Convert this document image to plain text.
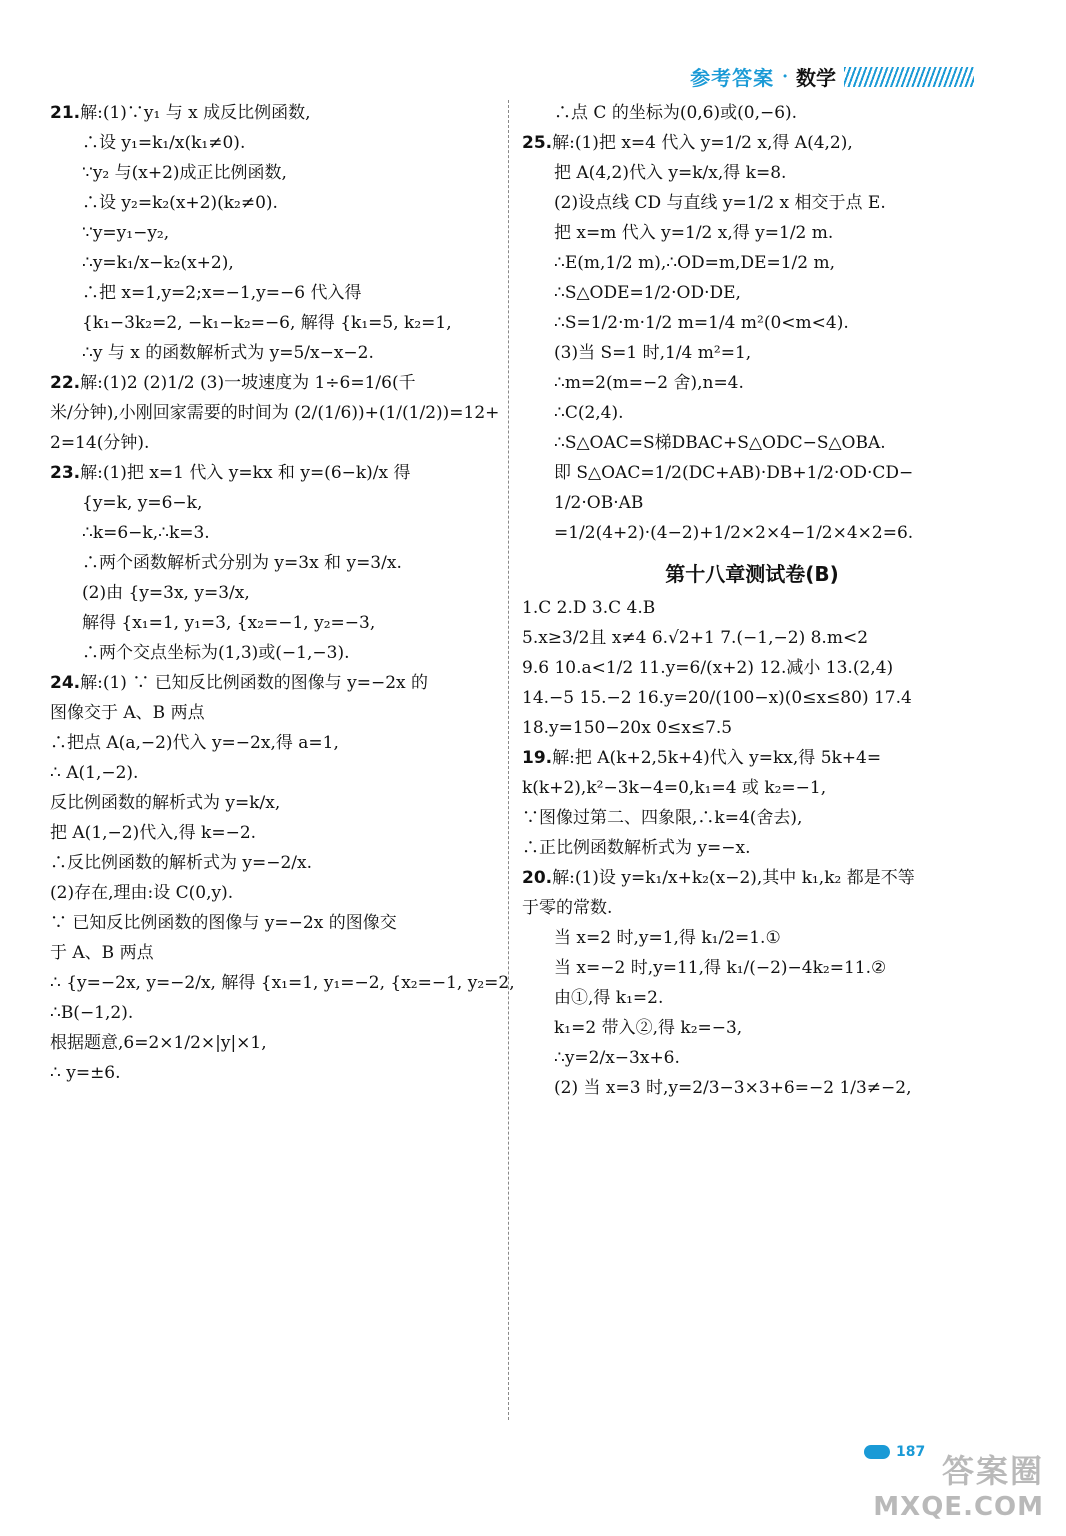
参考答案 · 数学
21.解:(1)∵y₁ 与 x 成反比例函数,
∴设 y₁=k₁/x(k₁≠0).
∵y₂ 与(x+2)成正比例函数,
∴设 y₂=k₂(x+2)(k₂≠0).
∵y=y₁−y₂,
∴y=k₁/x−k₂(x+2),
∴把 x=1,y=2;x=−1,y=−6 代入得
{k₁−3k₂=2, −k₁−k₂=−6, 解得 {k₁=5, k₂=1,
∴y 与 x 的函数解析式为 y=5/x−x−2.
22.解:(1)2 (2)1/2 (3)一坡速度为 1÷6=1/6(千
米/分钟),小刚回家需要的时间为 (2/(1/6))+(1/(1/2))=12+
2=14(分钟).
23.解:(1)把 x=1 代入 y=kx 和 y=(6−k)/x 得
{y=k, y=6−k,
∴k=6−k,∴k=3.
∴两个函数解析式分别为 y=3x 和 y=3/x.
(2)由 {y=3x, y=3/x,
解得 {x₁=1, y₁=3, {x₂=−1, y₂=−3,
∴两个交点坐标为(1,3)或(−1,−3).
24.解:(1) ∵ 已知反比例函数的图像与 y=−2x 的
图像交于 A、B 两点
∴把点 A(a,−2)代入 y=−2x,得 a=1,
∴ A(1,−2).
反比例函数的解析式为 y=k/x,
把 A(1,−2)代入,得 k=−2.
∴反比例函数的解析式为 y=−2/x.
(2)存在,理由:设 C(0,y).
∵ 已知反比例函数的图像与 y=−2x 的图像交
于 A、B 两点
∴ {y=−2x, y=−2/x, 解得 {x₁=1, y₁=−2, {x₂=−1, y₂=2,
∴B(−1,2).
根据题意,6=2×1/2×|y|×1,
∴ y=±6.
∴点 C 的坐标为(0,6)或(0,−6).
25.解:(1)把 x=4 代入 y=1/2 x,得 A(4,2),
把 A(4,2)代入 y=k/x,得 k=8.
(2)设点线 CD 与直线 y=1/2 x 相交于点 E.
把 x=m 代入 y=1/2 x,得 y=1/2 m.
∴E(m,1/2 m),∴OD=m,DE=1/2 m,
∴S△ODE=1/2·OD·DE,
∴S=1/2·m·1/2 m=1/4 m²(0<m<4).
(3)当 S=1 时,1/4 m²=1,
∴m=2(m=−2 舍),n=4.
∴C(2,4).
∴S△OAC=S梯DBAC+S△ODC−S△OBA.
即 S△OAC=1/2(DC+AB)·DB+1/2·OD·CD−
1/2·OB·AB
=1/2(4+2)·(4−2)+1/2×2×4−1/2×4×2=6.
第十八章测试卷(B)
1.C 2.D 3.C 4.B
5.x≥3/2且 x≠4 6.√2+1 7.(−1,−2) 8.m<2
9.6 10.a<1/2 11.y=6/(x+2) 12.减小 13.(2,4)
14.−5 15.−2 16.y=20/(100−x)(0≤x≤80) 17.4
18.y=150−20x 0≤x≤7.5
19.解:把 A(k+2,5k+4)代入 y=kx,得 5k+4=
k(k+2),k²−3k−4=0,k₁=4 或 k₂=−1,
∵图像过第二、四象限,∴k=4(舍去),
∴正比例函数解析式为 y=−x.
20.解:(1)设 y=k₁/x+k₂(x−2),其中 k₁,k₂ 都是不等
于零的常数.
当 x=2 时,y=1,得 k₁/2=1.①
当 x=−2 时,y=11,得 k₁/(−2)−4k₂=11.②
由①,得 k₁=2.
k₁=2 带入②,得 k₂=−3,
∴y=2/x−3x+6.
(2) 当 x=3 时,y=2/3−3×3+6=−2 1/3≠−2,
187 答案圈
MXQE.COM
